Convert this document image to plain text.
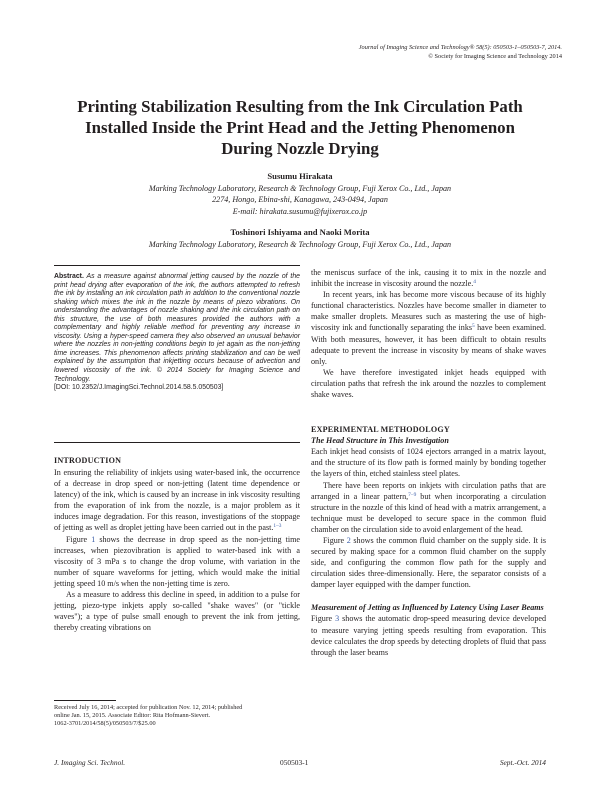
Journal of Imaging Science and Technology® 58(5): 050503-1–050503-7, 2014.
© Society for Imaging Science and Technology 2014
Printing Stabilization Resulting from the Ink Circulation Path Installed Inside the Print Head and the Jetting Phenomenon During Nozzle Drying
Susumu Hirakata
Marking Technology Laboratory, Research & Technology Group, Fuji Xerox Co., Ltd., Japan
2274, Hongo, Ebina-shi, Kanagawa, 243-0494, Japan
E-mail: hirakata.susumu@fujixerox.co.jp
Toshinori Ishiyama and Naoki Morita
Marking Technology Laboratory, Research & Technology Group, Fuji Xerox Co., Ltd., Japan
Abstract. As a measure against abnormal jetting caused by the nozzle of the print head drying after evaporation of the ink, the authors attempted to refresh the ink by installing an ink circulation path in addition to the conventional nozzle shaking which mixes the ink in the nozzle by means of piezo vibrations. On understanding the advantages of nozzle shaking and the ink circulation path on this structure, the use of both measures provided the authors with a complementary and highly reliable method for preventing any increase in viscosity. Using a hyper-speed camera they also observed an unusual behavior where the nozzles in non-jetting conditions begin to jet again as the non-jetting time increases. This phenomenon affects printing stabilization and can be well explained by the assumption that inkjetting occurs because of advection and lowered viscosity of the ink. © 2014 Society for Imaging Science and Technology.
[DOI: 10.2352/J.ImagingSci.Technol.2014.58.5.050503]
INTRODUCTION

In ensuring the reliability of inkjets using water-based ink, the occurrence of a decrease in drop speed or non-jetting (latent time dependence or latency) of the ink, which is caused by an increase in ink viscosity resulting from the evaporation of ink from the nozzle, is a major problem as it induces image degradation. For this reason, investigations of the stoppage of jetting as well as droplet jetting have been carried out in the past.$^{1-3}$

Figure 1 shows the decrease in drop speed as the non-jetting time increases, when piezovibration is applied to water-based ink with a viscosity of 3 mPa s to change the drop volume, with variation in the number of square waveforms for jetting, which would make the initial jetting speed 10 m/s when the non-jetting time is zero.

As a measure to address this decline in speed, in addition to a pulse for jetting, piezo-type inkjets apply so-called "shake waves" (or "tickle waves"); a type of pulse small enough to prevent the ink from jetting, thereby creating vibrations on

Received July 16, 2014; accepted for publication Nov. 12, 2014; published
online Jan. 15, 2015. Associate Editor: Rita Hofmann-Sievert.
1062-3701/2014/58(5)/050503/7/$25.00

the meniscus surface of the ink, causing it to mix in the nozzle and inhibit the increase in viscosity around the nozzle.$^4$

In recent years, ink has become more viscous because of its highly functional characteristics. Nozzles have become smaller in diameter to make smaller droplets. Measures such as mastering the use of high-viscosity ink and functionally separating the inks$^5$ have been examined. With both measures, however, it has been difficult to obtain results adequate to prevent the increase in viscosity by means of shake waves only.

We have therefore investigated inkjet heads equipped with circulation paths that refresh the ink around the nozzles to complement shake waves.

EXPERIMENTAL METHODOLOGY
The Head Structure in This Investigation

Each inkjet head consists of 1024 ejectors arranged in a matrix layout, and the structure of its flow path is formed mainly by bonding together the layers of thin, etched stainless steel plates.

There have been reports on inkjets with circulation paths that are arranged in a linear pattern,$^{7-9}$ but when incorporating a circulation structure in the nozzle of this kind of head with a matrix arrangement, a technique must be developed to secure space in the common fluid chamber on the circulation side to avoid enlargement of the head.

Figure 2 shows the common fluid chamber on the supply side. It is secured by making space for a common fluid chamber on the supply side, and configuring the common flow path for the supply and circulation sides three-dimensionally. Here, the separator consists of a damper layer equipped with the damper function.

Measurement of Jetting as Influenced by Latency Using Laser Beams

Figure 3 shows the automatic drop-speed measuring device developed to measure varying jetting speeds resulting from evaporation. This device calculates the drop speeds by detecting droplets of fluid that pass through the laser beams

J. Imaging Sci. Technol.	050503-1	Sept.-Oct. 2014
